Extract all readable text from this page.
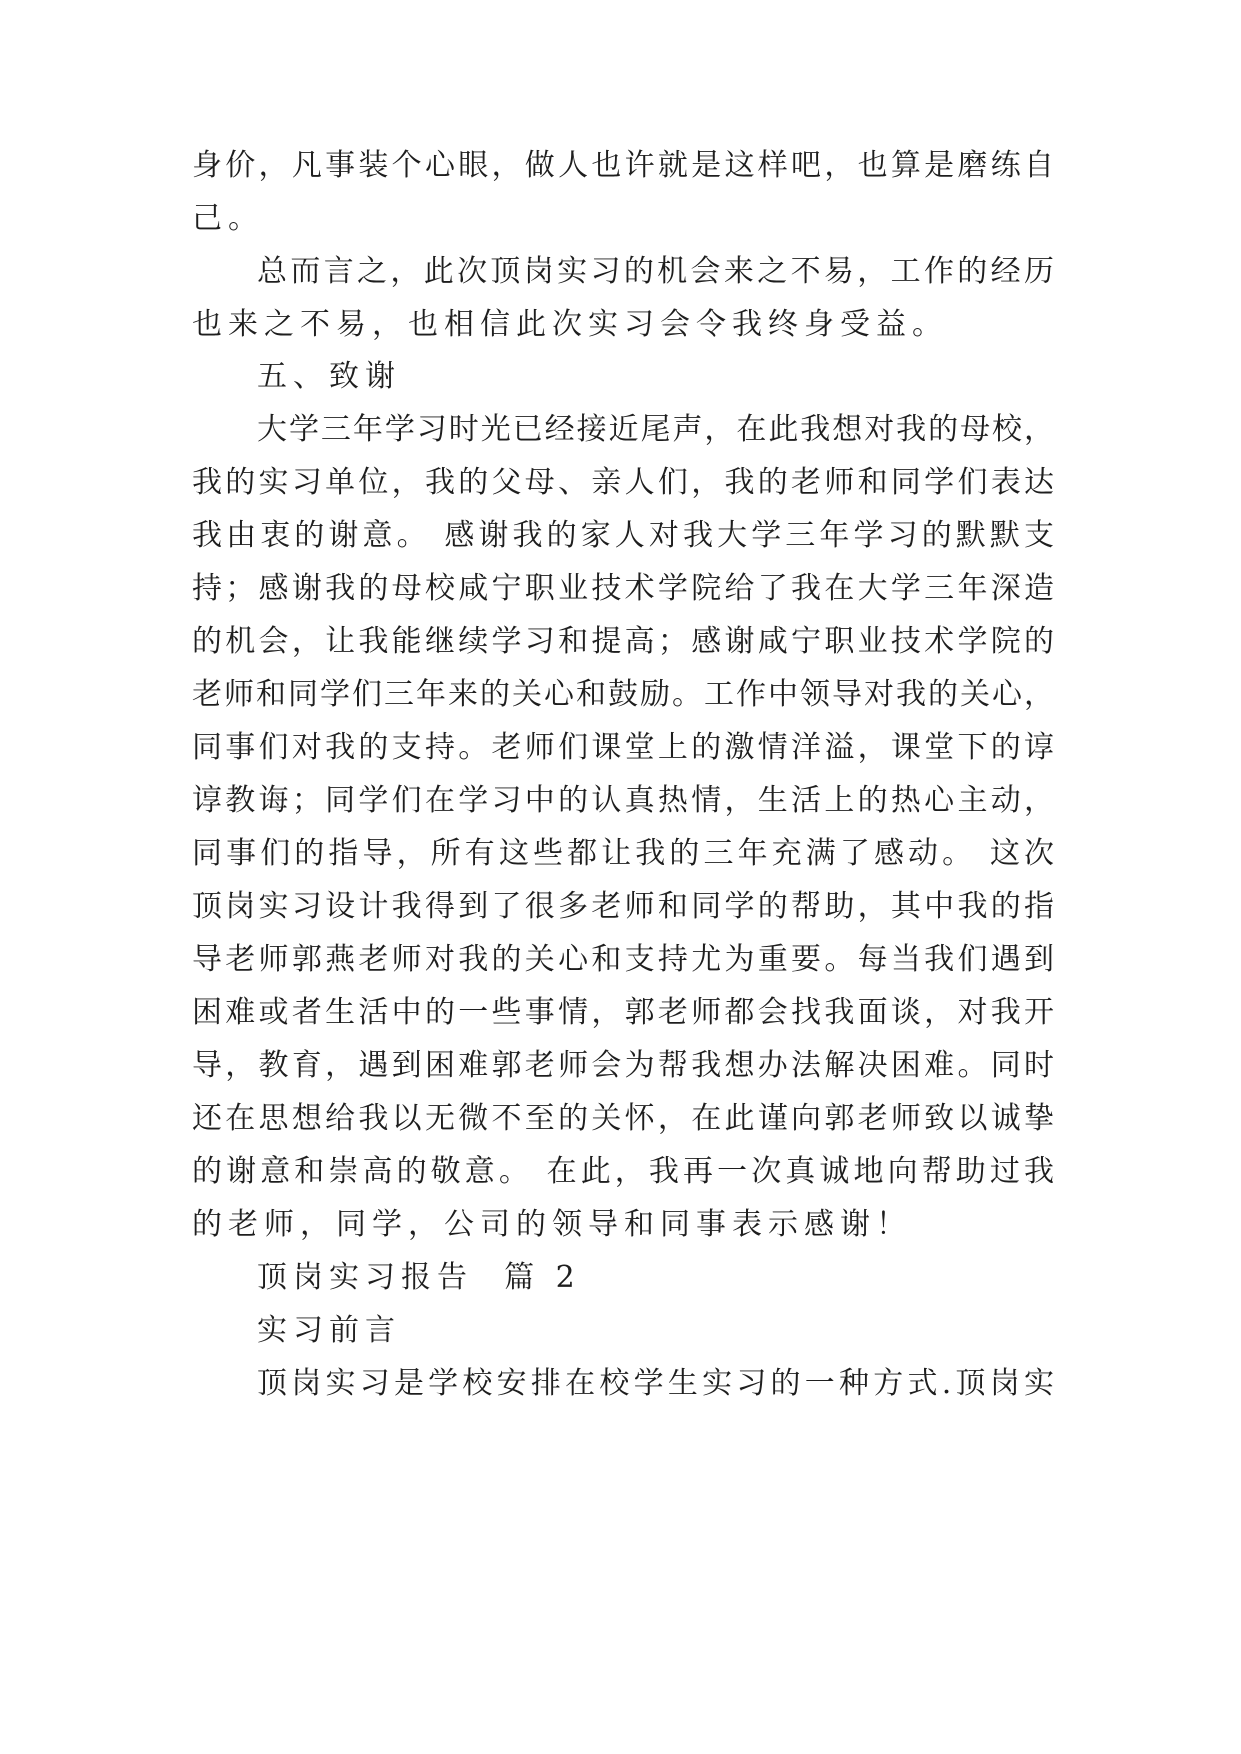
身价，凡事装个心眼，做人也许就是这样吧，也算是磨练自
己。
总而言之，此次顶岗实习的机会来之不易，工作的经历
也来之不易，也相信此次实习会令我终身受益。
五、致谢
大学三年学习时光已经接近尾声，在此我想对我的母校，
我的实习单位，我的父母、亲人们，我的老师和同学们表达
我由衷的谢意。 感谢我的家人对我大学三年学习的默默支
持；感谢我的母校咸宁职业技术学院给了我在大学三年深造
的机会，让我能继续学习和提高；感谢咸宁职业技术学院的
老师和同学们三年来的关心和鼓励。工作中领导对我的关心，
同事们对我的支持。老师们课堂上的激情洋溢，课堂下的谆
谆教诲；同学们在学习中的认真热情，生活上的热心主动，
同事们的指导，所有这些都让我的三年充满了感动。 这次
顶岗实习设计我得到了很多老师和同学的帮助，其中我的指
导老师郭燕老师对我的关心和支持尤为重要。每当我们遇到
困难或者生活中的一些事情，郭老师都会找我面谈，对我开
导，教育，遇到困难郭老师会为帮我想办法解决困难。同时
还在思想给我以无微不至的关怀，在此谨向郭老师致以诚挚
的谢意和崇高的敬意。 在此，我再一次真诚地向帮助过我
的老师，同学，公司的领导和同事表示感谢！
顶岗实习报告  篇 2
实习前言
顶岗实习是学校安排在校学生实习的一种方式.顶岗实
